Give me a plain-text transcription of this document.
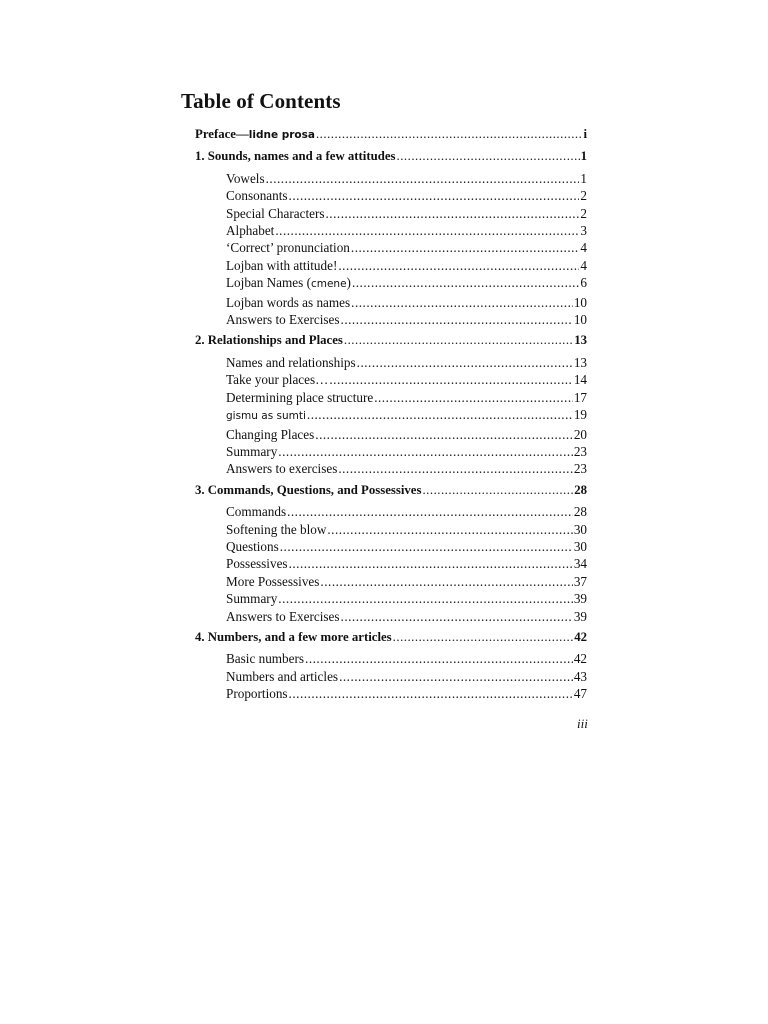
Table of Contents
Preface—lidne prosa .....	i
1. Sounds, names and a few attitudes .....	1
Vowels .....	1
Consonants .....	2
Special Characters .....	2
Alphabet .....	3
‘Correct’ pronunciation .....	4
Lojban with attitude! .....	4
Lojban Names (cmene) .....	6
Lojban words as names .....	10
Answers to Exercises .....	10
2. Relationships and Places .....	13
Names and relationships .....	13
Take your places… .....	14
Determining place structure .....	17
gismu as sumti .....	19
Changing Places .....	20
Summary .....	23
Answers to exercises .....	23
3. Commands, Questions, and Possessives .....	28
Commands .....	28
Softening the blow .....	30
Questions .....	30
Possessives .....	34
More Possessives .....	37
Summary .....	39
Answers to Exercises .....	39
4. Numbers, and a few more articles .....	42
Basic numbers .....	42
Numbers and articles .....	43
Proportions .....	47
iii
